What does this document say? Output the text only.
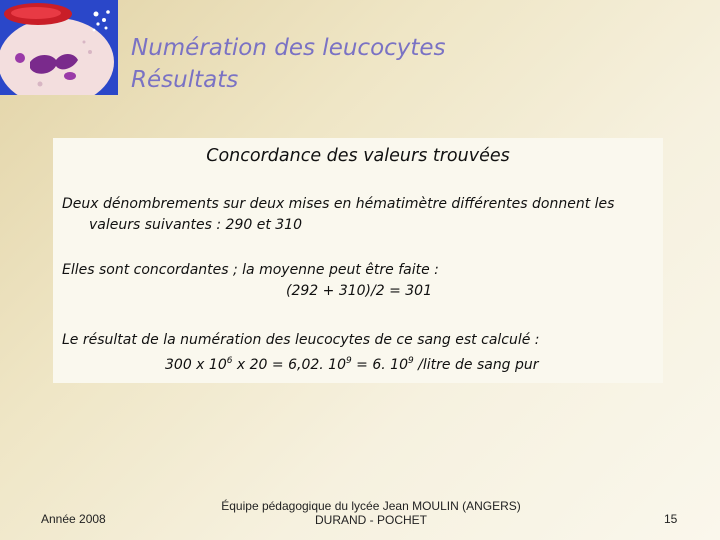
Numération des leucocytes
Résultats
Concordance des valeurs trouvées
Deux dénombrements sur deux mises en hématimètre différentes donnent les
valeurs suivantes : 290 et 310
Elles sont concordantes ; la moyenne peut être faite :
(292 + 310)/2 = 301
Le résultat de la numération des leucocytes de ce sang est calculé :
300 x $10^6$ x 20 = 6,02. $10^9 = 6$. $10^9$ /litre de sang pur
Année 2008
Équipe pédagogique du lycée Jean MOULIN (ANGERS)
DURAND - POCHET	15
